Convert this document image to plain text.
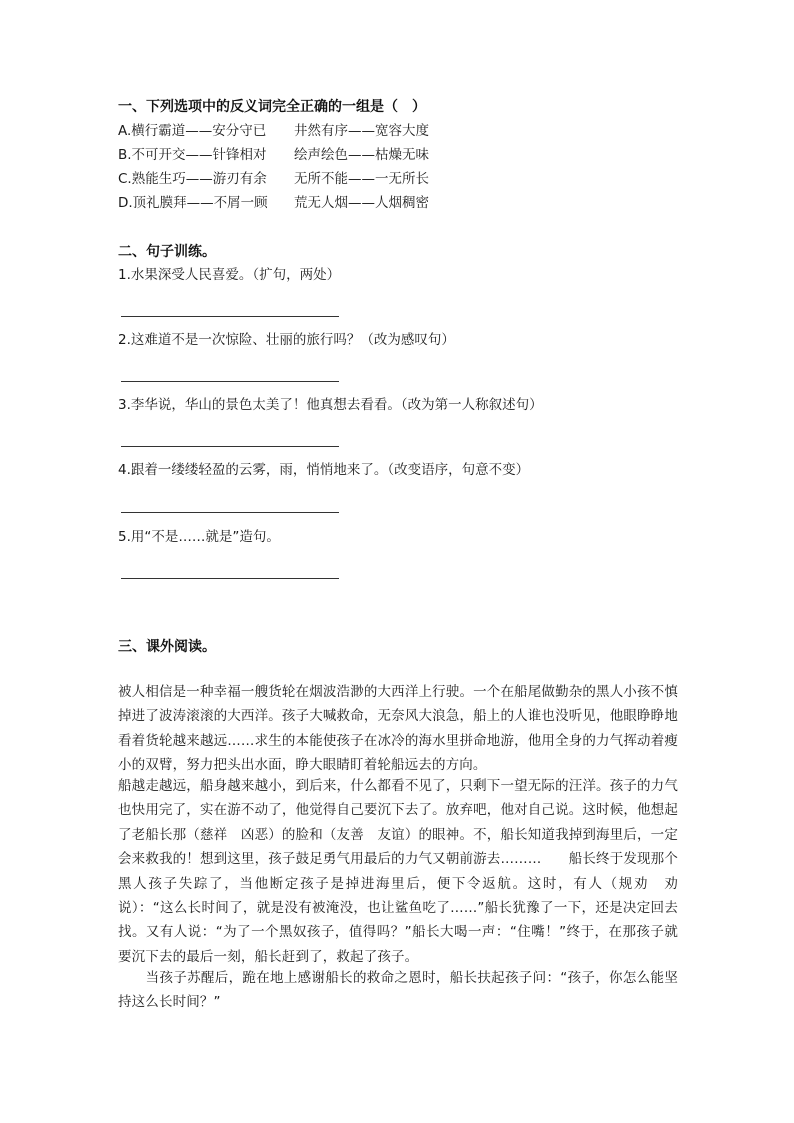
一、下列选项中的反义词完全正确的一组是（　）
A.横行霸道——安分守已 井然有序——宽容大度
B.不可开交——针锋相对 绘声绘色——枯燥无味
C.熟能生巧——游刃有余 无所不能——一无所长
D.顶礼膜拜——不屑一顾 荒无人烟——人烟稠密
二、句子训练。
1.水果深受人民喜爱。（扩句，两处）
2.这难道不是一次惊险、壮丽的旅行吗？（改为感叹句）
3.李华说，华山的景色太美了！他真想去看看。（改为第一人称叙述句）
4.跟着一缕缕轻盈的云雾，雨，悄悄地来了。（改变语序，句意不变）
5.用“不是……就是”造句。
三、课外阅读。

被人相信是一种幸福一艘货轮在烟波浩渺的大西洋上行驶。一个在船尾做勤杂的黑人小孩不慎掉进了波涛滚滚的大西洋。孩子大喊救命，无奈风大浪急，船上的人谁也没听见，他眼睁睁地看着货轮越来越远……求生的本能使孩子在冰冷的海水里拼命地游，他用全身的力气挥动着瘦小的双臂，努力把头出水面，睁大眼睛盯着轮船远去的方向。

船越走越远，船身越来越小，到后来，什么都看不见了，只剩下一望无际的汪洋。孩子的力气也快用完了，实在游不动了，他觉得自己要沉下去了。放弃吧，他对自己说。这时候，他想起了老船长那（慈祥　凶恶）的脸和（友善　友谊）的眼神。不，船长知道我掉到海里后，一定会来救我的！想到这里，孩子鼓足勇气用最后的力气又朝前游去………　　船长终于发现那个黑人孩子失踪了，当他断定孩子是掉进海里后，便下令返航。这时，有人（规劝　劝说）：“这么长时间了，就是没有被淹没，也让鲨鱼吃了……”船长犹豫了一下，还是决定回去找。又有人说：“为了一个黑奴孩子，值得吗？”船长大喝一声：“住嘴！”终于，在那孩子就要沉下去的最后一刻，船长赶到了，救起了孩子。

　　当孩子苏醒后，跪在地上感谢船长的救命之恩时，船长扶起孩子问：“孩子，你怎么能坚持这么长时间？”
